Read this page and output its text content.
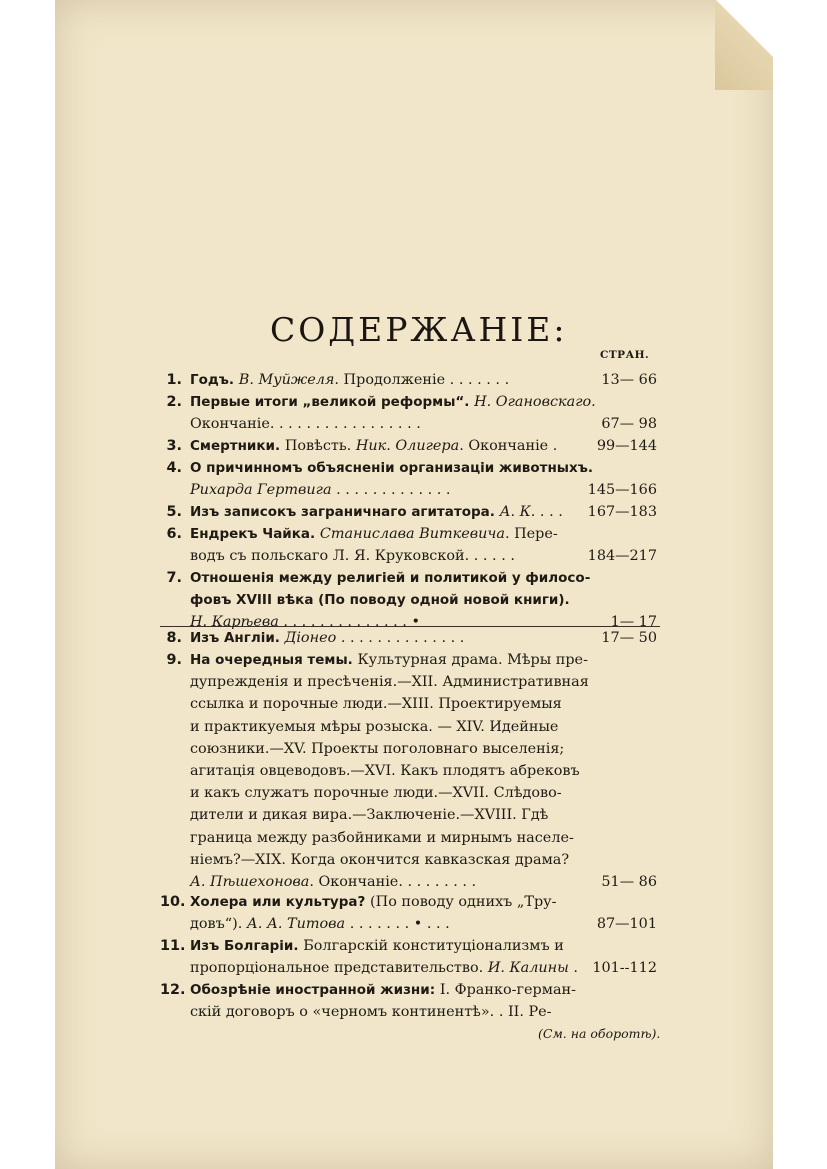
СОДЕРЖАНІЕ:
СТРАН.
1. Годъ. В. Муйжеля. Продолженіе . . . . . . .	13— 66
2. Первые итоги „великой реформы“. Н. Огановскаго.
Окончаніе. . . . . . . . . . . . . . . . .	67— 98
3. Смертники. Повѣсть. Ник. Олигера. Окончаніе .	99—144
4. О причинномъ объясненіи организаціи животныхъ.
Рихарда Гертвига . . . . . . . . . . . . .	145—166
5. Изъ записокъ заграничнаго агитатора. А. К. . . .	167—183
6. Ендрекъ Чайка. Станислава Виткевича. Пере-
водъ съ польскаго Л. Я. Круковской. . . . . .	184—217
7. Отношенія между религіей и политикой у филосо-
фовъ XVIII вѣка (По поводу одной новой книги).
Н. Карѣева . . . . . . . . . . . . . . •	1— 17
8. Изъ Англіи. Діонео . . . . . . . . . . . . . .	17— 50
9. На очередныя темы. Культурная драма. Мѣры пре-
дупрежденія и пресѣченія.—XII. Административная
ссылка и порочные люди.—XIII. Проектируемыя
и практикуемыя мѣры розыска. — XIV. Идейные
союзники.—XV. Проекты поголовнаго выселенія;
агитація овцеводовъ.—XVI. Какъ плодятъ абрековъ
и какъ служатъ порочные люди.—XVII. Слѣдово-
дители и дикая вира.—Заключеніе.—XVIII. Гдѣ
граница между разбойниками и мирнымъ населе-
ніемъ?—XIX. Когда окончится кавказская драма?
А. Пѣшехонова. Окончаніе. . . . . . . . .	51— 86
10. Холера или культура? (По поводу однихъ „Тру-
довъ“). А. А. Титова . . . . . . . • . . .	87—101
11. Изъ Болгаріи. Болгарскій конституціонализмъ и
пропорціональное представительство. И. Калины . 101--112
12. Обозрѣніе иностранной жизни: I. Франко-герман-
скій договоръ о «черномъ континентѣ». . II. Ре-
(См. на оборотѣ).
